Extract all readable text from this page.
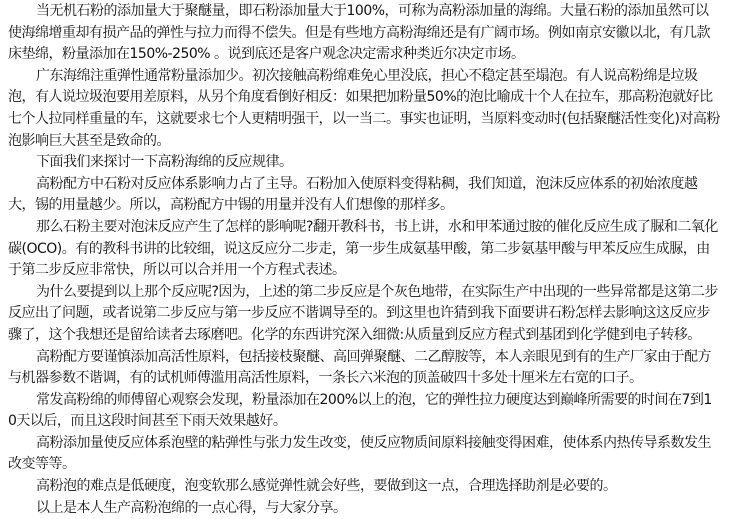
当无机石粉的添加量大于聚醚量，即石粉添加量大于100%，可称为高粉添加量的海绵。大量石粉的添加虽然可以使海绵增重却有损产品的弹性与拉力而得不偿失。但是有些地方高粉海绵还是有广阔市场。例如南京安徽以北，有几款床垫绵，粉量添加在150%-250% 。说到底还是客户观念决定需求种类近尔决定市场。

广东海绵注重弹性通常粉量添加少。初次接触高粉绵难免心里没底，担心不稳定甚至塌泡。有人说高粉绵是垃圾泡，有人说垃圾泡要用差原料，从另个角度看倒好相反：如果把加粉量50%的泡比喻成十个人在拉车，那高粉泡就好比七个人拉同样重量的车，这就要求七个人更精明强干，以一当二。事实也证明，当原料变动时(包括聚醚活性变化)对高粉泡影响巨大甚至是致命的。

下面我们来探讨一下高粉海绵的反应规律。

高粉配方中石粉对反应体系影响力占了主导。石粉加入使原料变得粘稠，我们知道，泡沫反应体系的初始浓度越大，锡的用量越少。所以，高粉配方中锡的用量并没有人们想像的那样多。

那么石粉主要对泡沫反应产生了怎样的影响呢?翻开教科书，书上讲，水和甲苯通过胺的催化反应生成了脲和二氧化碳(OCO)。有的教科书讲的比较细，说这反应分二步走，第一步生成氨基甲酸，第二步氨基甲酸与甲苯反应生成脲，由于第二步反应非常快，所以可以合并用一个方程式表述。

为什么要提到以上那个反应呢?因为，上述的第二步反应是个灰色地带，在实际生产中出现的一些异常都是这第二步反应出了问题，或者说第二步反应与第一步反应不谐调导至的。到这里也许猜到我下面要讲石粉怎样去影响这这反应步骤了，这个我想还是留给读者去琢磨吧。化学的东西讲究深入细微:从质量到反应方程式到基团到化学健到电子转移。

高粉配方要谨慎添加高活性原料，包括接枝聚醚、高回弹聚醚、二乙醇胺等，本人亲眼见到有的生产厂家由于配方与机器参数不谐调，有的试机师傅滥用高活性原料，一条长六米泡的顶盖破四十多处十厘米左右宽的口子。

常发高粉绵的师傅留心观察会发现，粉量添加在200%以上的泡，它的弹性拉力硬度达到巅峰所需要的时间在7到10天以后，而且这段时间甚至下雨天效果越好。

高粉添加量使反应体系泡壁的粘弹性与张力发生改变，使反应物质间原料接触变得困难，使体系内热传导系数发生改变等等。

高粉泡的难点是低硬度，泡变软那么感觉弹性就会好些，要做到这一点，合理选择助剂是必要的。

以上是本人生产高粉泡绵的一点心得，与大家分享。
